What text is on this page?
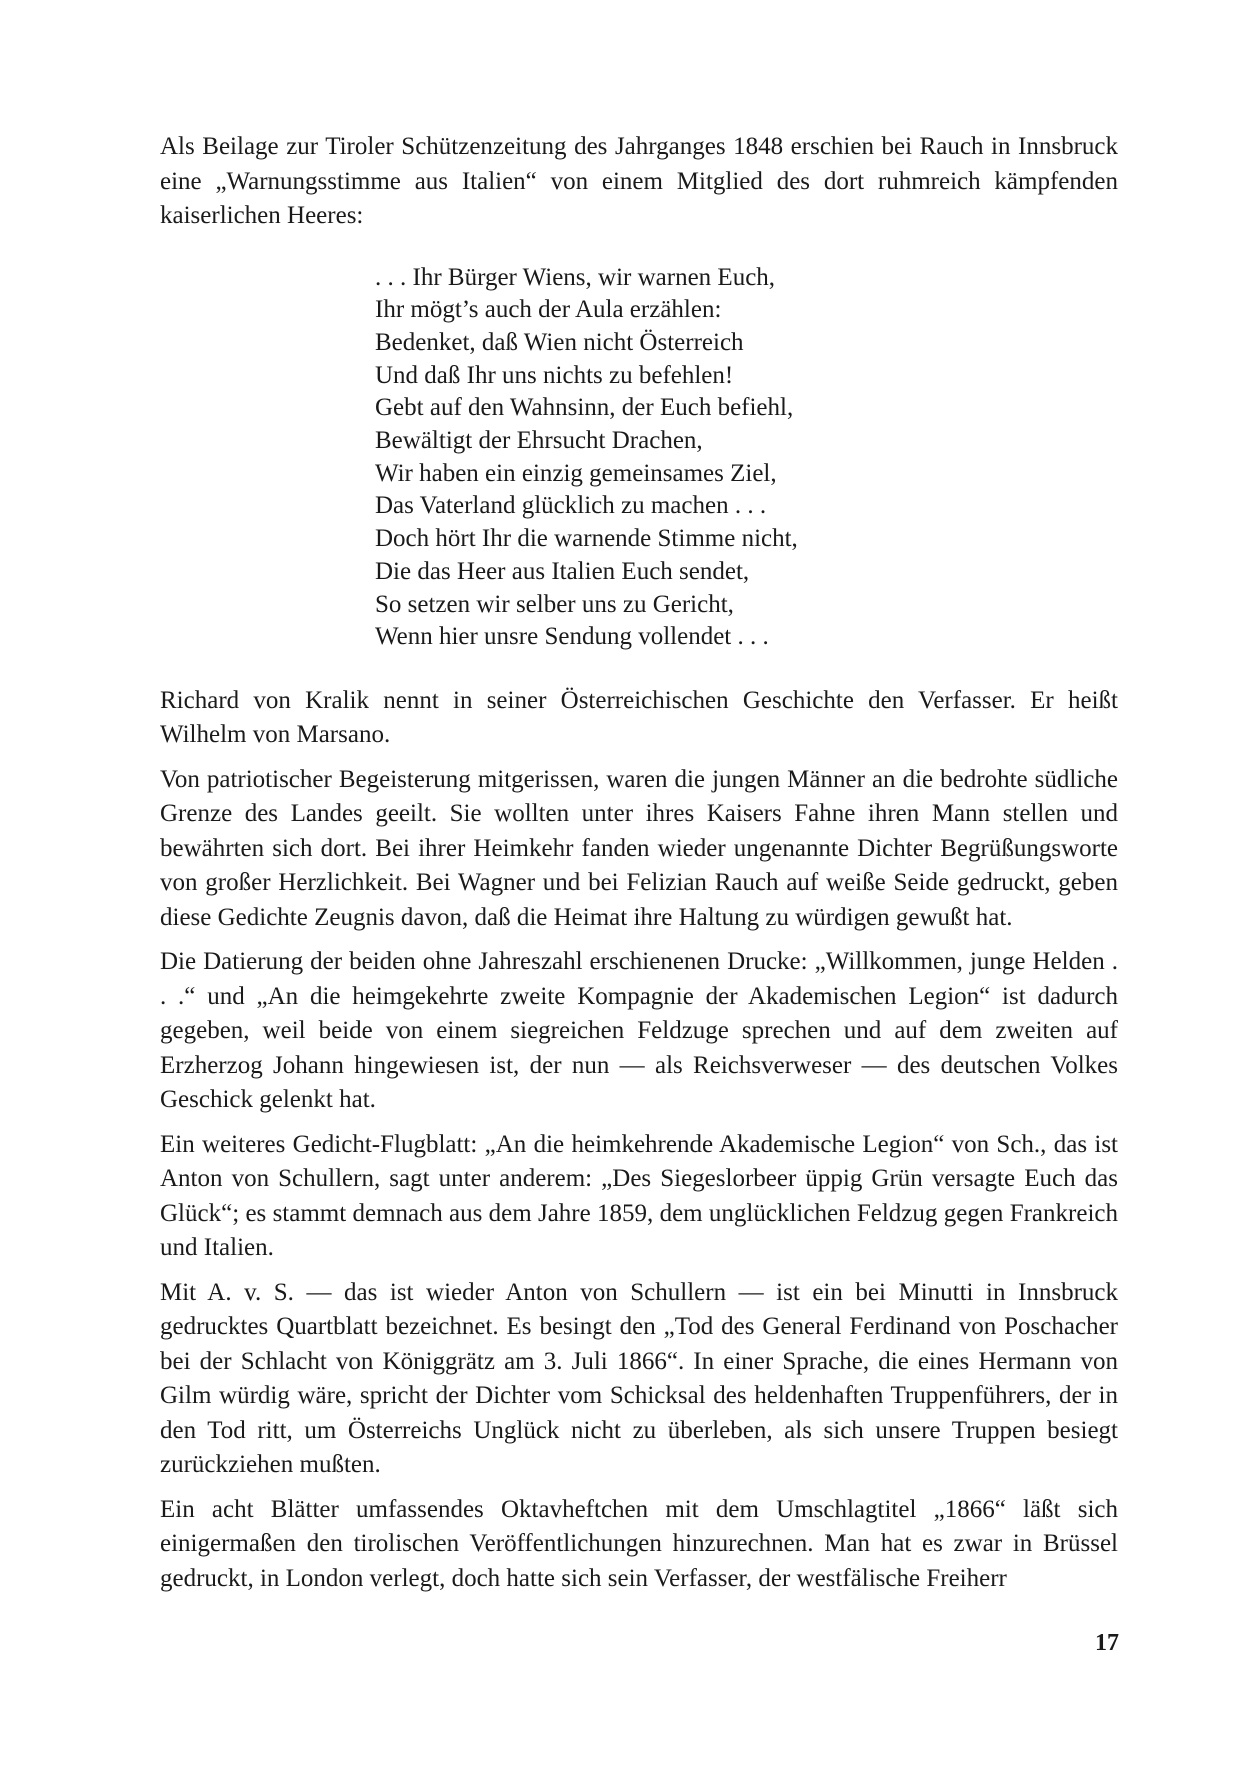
Als Beilage zur Tiroler Schützenzeitung des Jahrganges 1848 erschien bei Rauch in Innsbruck eine „Warnungsstimme aus Italien“ von einem Mitglied des dort ruhmreich kämpfenden kaiserlichen Heeres:

. . . Ihr Bürger Wiens, wir warnen Euch,
Ihr mögt’s auch der Aula erzählen:
Bedenket, daß Wien nicht Österreich
Und daß Ihr uns nichts zu befehlen!
Gebt auf den Wahnsinn, der Euch befiehl,
Bewältigt der Ehrsucht Drachen,
Wir haben ein einzig gemeinsames Ziel,
Das Vaterland glücklich zu machen . . .
Doch hört Ihr die warnende Stimme nicht,
Die das Heer aus Italien Euch sendet,
So setzen wir selber uns zu Gericht,
Wenn hier unsre Sendung vollendet . . .

Richard von Kralik nennt in seiner Österreichischen Geschichte den Verfasser. Er heißt Wilhelm von Marsano.

Von patriotischer Begeisterung mitgerissen, waren die jungen Männer an die bedrohte südliche Grenze des Landes geeilt. Sie wollten unter ihres Kaisers Fahne ihren Mann stellen und bewährten sich dort. Bei ihrer Heimkehr fanden wieder ungenannte Dichter Begrüßungsworte von großer Herzlichkeit. Bei Wagner und bei Felizian Rauch auf weiße Seide gedruckt, geben diese Gedichte Zeugnis davon, daß die Heimat ihre Haltung zu würdigen gewußt hat.

Die Datierung der beiden ohne Jahreszahl erschienenen Drucke: „Willkommen, junge Helden . . .“ und „An die heimgekehrte zweite Kompagnie der Akademischen Legion“ ist dadurch gegeben, weil beide von einem siegreichen Feldzuge sprechen und auf dem zweiten auf Erzherzog Johann hingewiesen ist, der nun — als Reichsverweser — des deutschen Volkes Geschick gelenkt hat.

Ein weiteres Gedicht-Flugblatt: „An die heimkehrende Akademische Legion“ von Sch., das ist Anton von Schullern, sagt unter anderem: „Des Siegeslorbeer üppig Grün versagte Euch das Glück“; es stammt demnach aus dem Jahre 1859, dem unglücklichen Feldzug gegen Frankreich und Italien.

Mit A. v. S. — das ist wieder Anton von Schullern — ist ein bei Minutti in Innsbruck gedrucktes Quartblatt bezeichnet. Es besingt den „Tod des General Ferdinand von Poschacher bei der Schlacht von Königgrätz am 3. Juli 1866“. In einer Sprache, die eines Hermann von Gilm würdig wäre, spricht der Dichter vom Schicksal des heldenhaften Truppenführers, der in den Tod ritt, um Österreichs Unglück nicht zu überleben, als sich unsere Truppen besiegt zurückziehen mußten.

Ein acht Blätter umfassendes Oktavheftchen mit dem Umschlagtitel „1866“ läßt sich einigermaßen den tirolischen Veröffentlichungen hinzurechnen. Man hat es zwar in Brüssel gedruckt, in London verlegt, doch hatte sich sein Verfasser, der westfälische Freiherr

17
